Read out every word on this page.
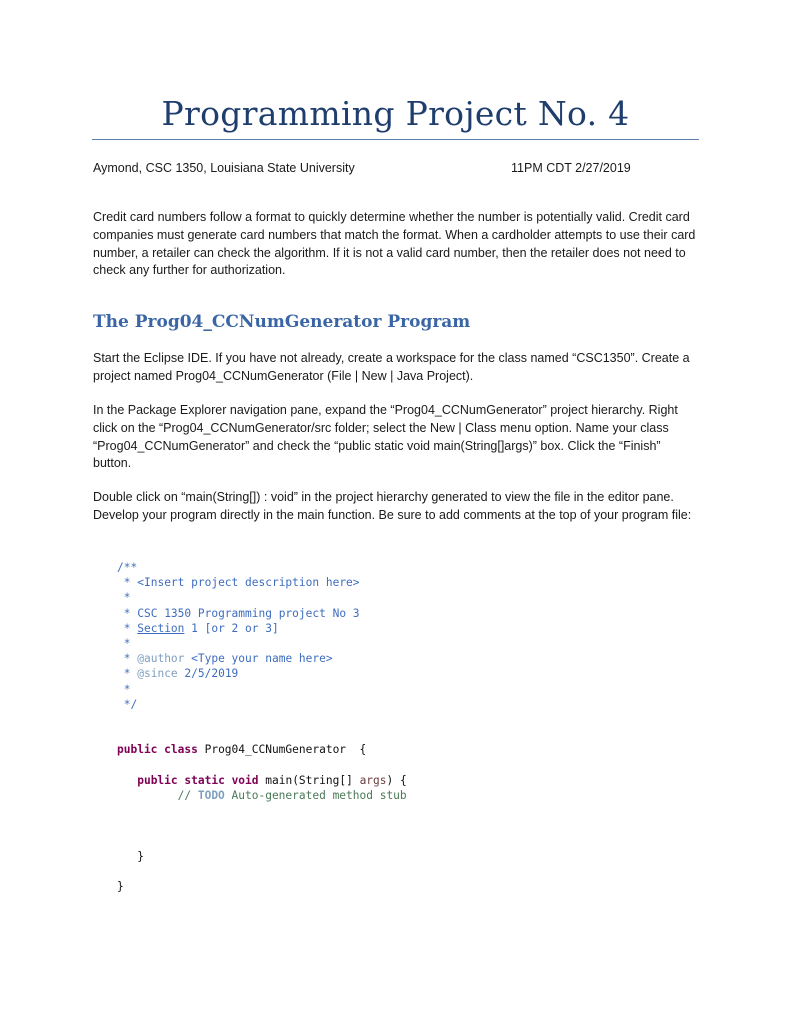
Programming Project No. 4
Aymond, CSC 1350, Louisiana State University	11PM CDT 2/27/2019

Credit card numbers follow a format to quickly determine whether the number is potentially valid. Credit card companies must generate card numbers that match the format. When a cardholder attempts to use their card number, a retailer can check the algorithm. If it is not a valid card number, then the retailer does not need to check any further for authorization.

The Prog04_CCNumGenerator Program

Start the Eclipse IDE. If you have not already, create a workspace for the class named “CSC1350”. Create a project named Prog04_CCNumGenerator (File | New | Java Project).

In the Package Explorer navigation pane, expand the “Prog04_CCNumGenerator” project hierarchy. Right click on the “Prog04_CCNumGenerator/src folder; select the New | Class menu option. Name your class “Prog04_CCNumGenerator” and check the “public static void main(String[]args)” box. Click the “Finish” button.

Double click on “main(String[]) : void” in the project hierarchy generated to view the file in the editor pane. Develop your program directly in the main function. Be sure to add comments at the top of your program file:

/**
* <Insert project description here>
*
* CSC 1350 Programming project No 3
* Section 1 [or 2 or 3]
*
* @author <Type your name here>
* @since 2/5/2019
*
*/
public class Prog04_CCNumGenerator  {
public static void main(String[] args) {
// TODO Auto-generated method stub
}
}
